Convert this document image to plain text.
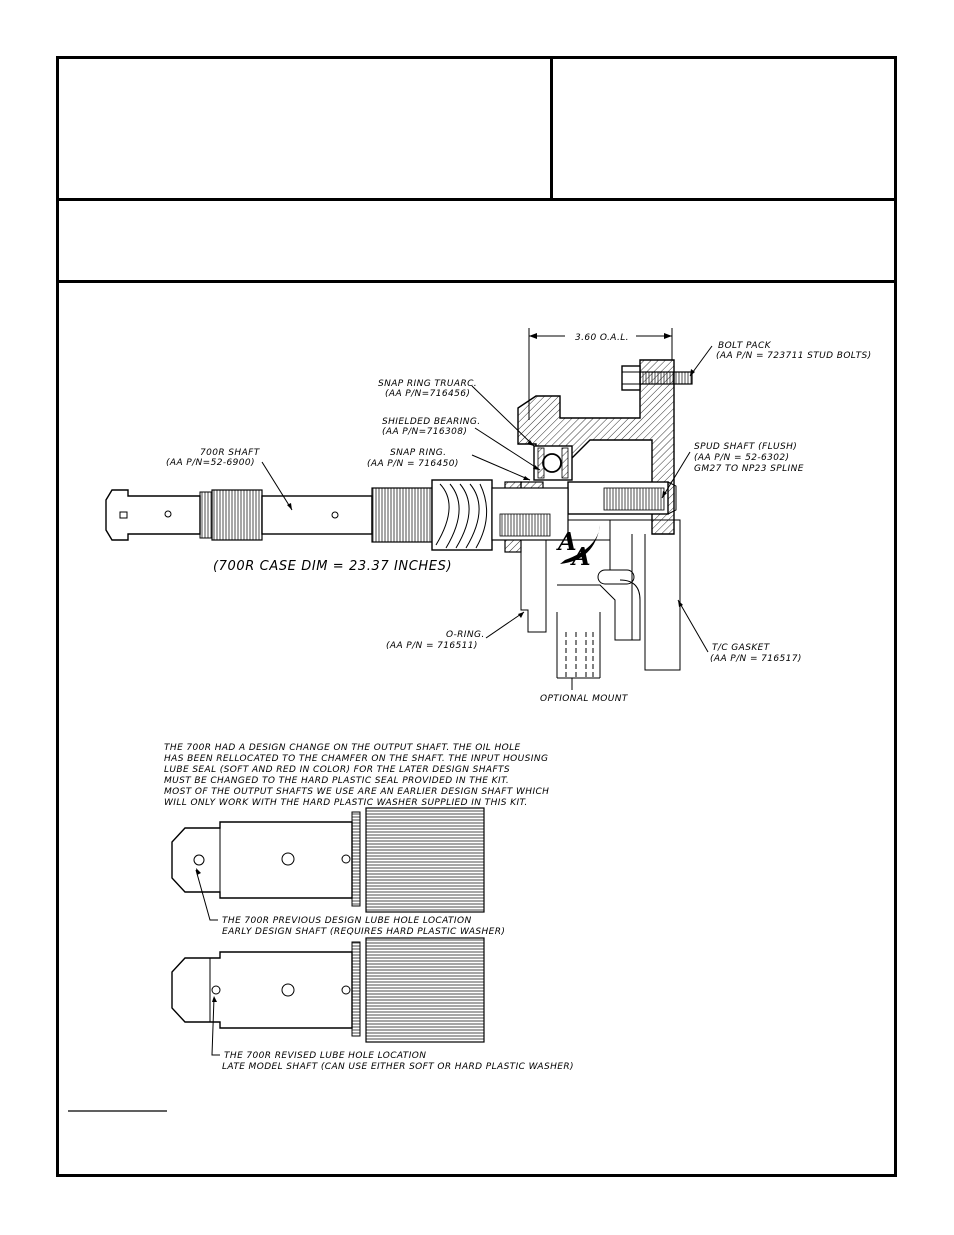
3.60 O.A.L.
A
A
BOLT PACK
(AA P/N = 723711 STUD BOLTS)
SNAP RING TRUARC.
(AA P/N=716456)
SHIELDED BEARING.
(AA P/N=716308)
SNAP RING.
(AA P/N = 716450)
700R SHAFT
(AA P/N=52-6900)
SPUD SHAFT (FLUSH)
(AA P/N = 52-6302)
GM27 TO NP23 SPLINE
O-RING.
(AA P/N = 716511)	T/C GASKET
(AA P/N = 716517)
OPTIONAL MOUNT
(700R CASE DIM = 23.37 INCHES)
THE 700R HAD A DESIGN CHANGE ON THE OUTPUT SHAFT. THE OIL HOLE
HAS BEEN RELLOCATED TO THE CHAMFER ON THE SHAFT. THE INPUT HOUSING
LUBE SEAL (SOFT AND RED IN COLOR) FOR THE LATER DESIGN SHAFTS
MUST BE CHANGED TO THE HARD PLASTIC SEAL PROVIDED IN THE KIT.
MOST OF THE OUTPUT SHAFTS WE USE ARE AN EARLIER DESIGN SHAFT WHICH
WILL ONLY WORK WITH THE HARD PLASTIC WASHER SUPPLIED IN THIS KIT.
THE 700R PREVIOUS DESIGN LUBE HOLE LOCATION
EARLY DESIGN SHAFT (REQUIRES HARD PLASTIC WASHER)
THE 700R REVISED LUBE HOLE LOCATION
LATE MODEL SHAFT (CAN USE EITHER SOFT OR HARD PLASTIC WASHER)
